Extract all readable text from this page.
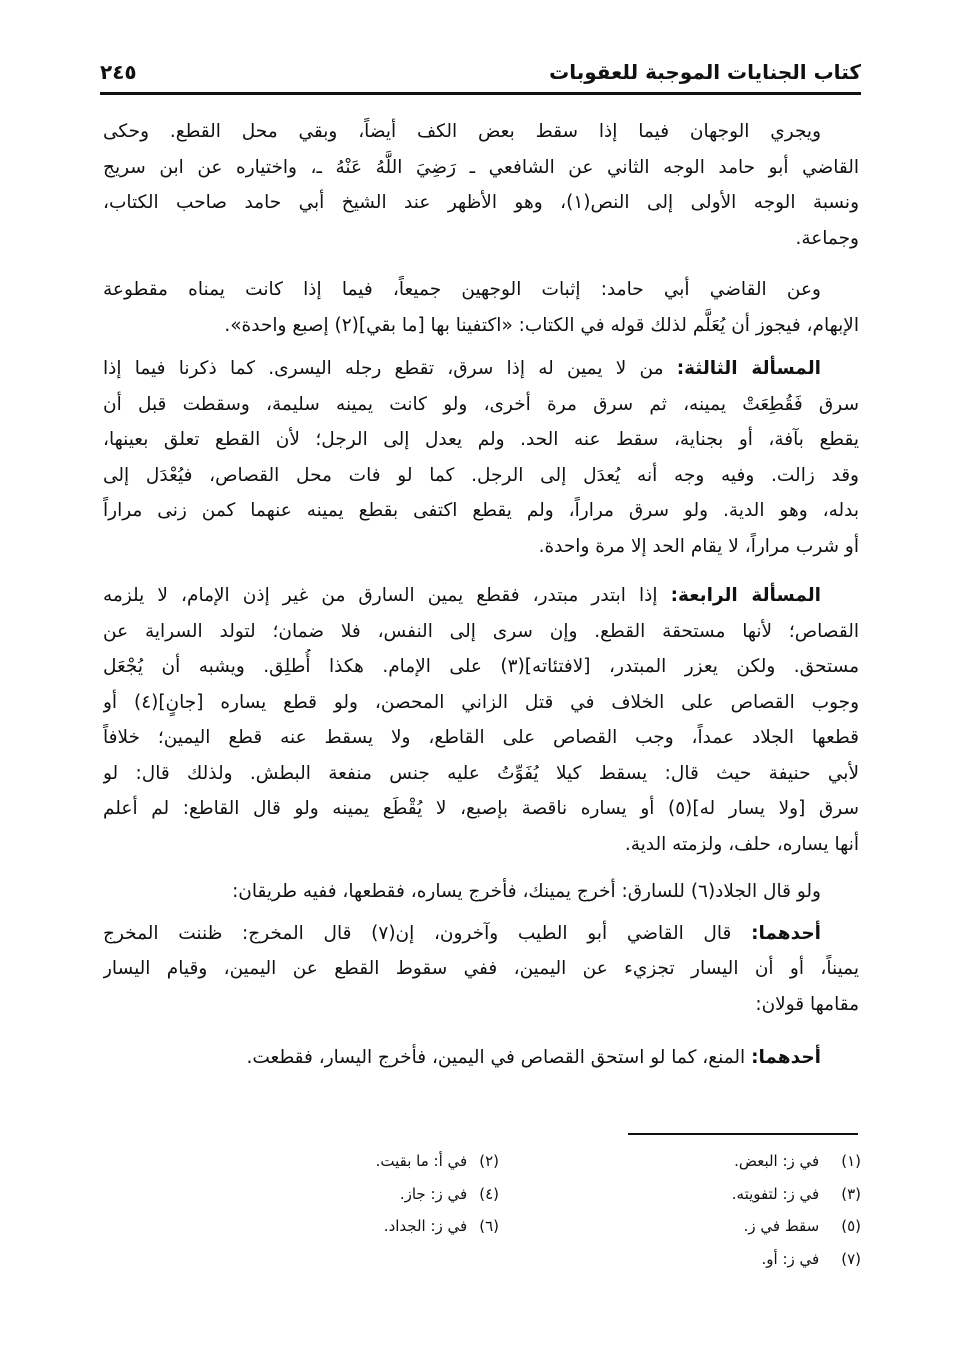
كتاب الجنايات الموجبة للعقوبات
٢٤٥
ويجري الوجهان فيما إذا سقط بعض الكف أيضاً، وبقي محل القطع. وحكى
القاضي أبو حامد الوجه الثاني عن الشافعي ـ رَضِيَ اللَّهُ عَنْهُ ـ، واختياره عن ابن سريج
ونسبة الوجه الأولى إلى النص(١)، وهو الأظهر عند الشيخ أبي حامد صاحب الكتاب،
وجماعة.
وعن القاضي أبي حامد: إثبات الوجهين جميعاً، فيما إذا كانت يمناه مقطوعة
الإبهام، فيجوز أن يُعَلَّم لذلك قوله في الكتاب: «اكتفينا بها [ما بقي](٢) إصبع واحدة».
المسألة الثالثة: من لا يمين له إذا سرق، تقطع رجله اليسرى. كما ذكرنا فيما إذا
سرق فَقُطِعَتْ يمينه، ثم سرق مرة أخرى، ولو كانت يمينه سليمة، وسقطت قبل أن
يقطع بآفة، أو بجناية، سقط عنه الحد. ولم يعدل إلى الرجل؛ لأن القطع تعلق بعينها،
وقد زالت. وفيه وجه أنه يُعدَل إلى الرجل. كما لو فات محل القصاص، فيُعْدَل إلى
بدله، وهو الدية. ولو سرق مراراً، ولم يقطع اكتفى بقطع يمينه عنهما كمن زنى مراراً
أو شرب مراراً، لا يقام الحد إلا مرة واحدة.
المسألة الرابعة: إذا ابتدر مبتدر، فقطع يمين السارق من غير إذن الإمام، لا يلزمه
القصاص؛ لأنها مستحقة القطع. وإن سرى إلى النفس، فلا ضمان؛ لتولد السراية عن
مستحق. ولكن يعزر المبتدر، [لافتئاته](٣) على الإمام. هكذا أُطلِق. ويشبه أن يُجْعَل
وجوب القصاص على الخلاف في قتل الزاني المحصن، ولو قطع يساره [جانٍ](٤) أو
قطعها الجلاد عمداً، وجب القصاص على القاطع، ولا يسقط عنه قطع اليمين؛ خلافاً
لأبي حنيفة حيث قال: يسقط كيلا يُفَوِّتُ عليه جنس منفعة البطش. ولذلك قال: لو
سرق [ولا يسار له](٥) أو يساره ناقصة بإصبع، لا يُقْطَع يمينه ولو قال القاطع: لم أعلم
أنها يساره، حلف، ولزمته الدية.
ولو قال الجلاد(٦) للسارق: أخرج يمينك، فأخرج يساره، فقطعها، ففيه طريقان:
أحدهما: قال القاضي أبو الطيب وآخرون، إن(٧) قال المخرج: ظننت المخرج
يميناً، أو أن اليسار تجزيء عن اليمين، ففي سقوط القطع عن اليمين، وقيام اليسار
مقامها قولان:
أحدهما: المنع، كما لو استحق القصاص في اليمين، فأخرج اليسار، فقطعت.
(١)في ز: البعض.
(٢)في أ: ما بقيت.
(٣)في ز: لتفويته.
(٤)في ز: جاز.
(٥)سقط في ز.
(٦)في ز: الجداد.
(٧)في ز: أو.
